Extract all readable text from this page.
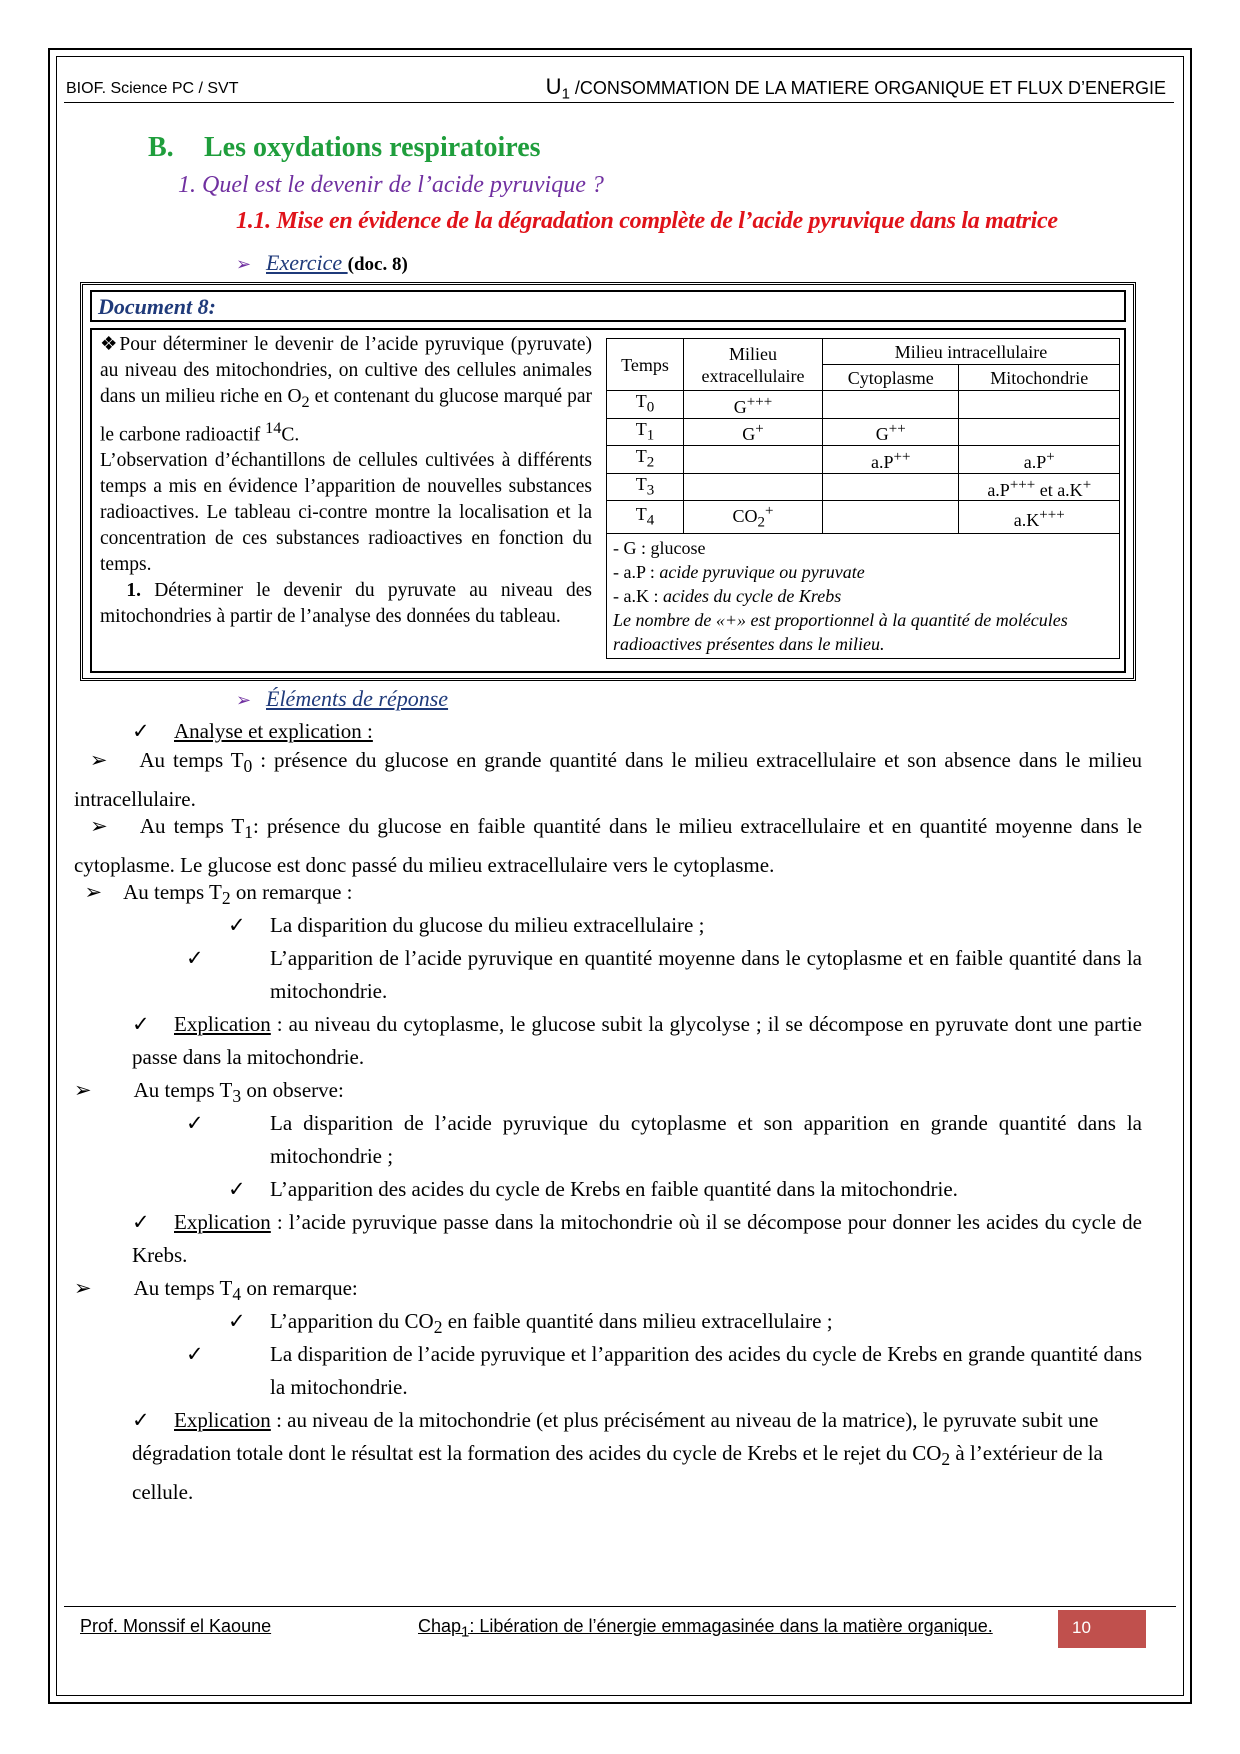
BIOF. Science PC / SVT	$U_1$ /CONSOMMATION DE LA MATIERE ORGANIQUE ET FLUX D’ENERGIE
B. Les oxydations respiratoires
1. Quel est le devenir de l’acide pyruvique ?
1.1. Mise en évidence de la dégradation complète de l’acide pyruvique dans la matrice
➢ Exercice (doc. 8)
Document 8:

❖Pour déterminer le devenir de l’acide pyruvique (pyruvate) au niveau des mitochondries, on cultive des cellules animales dans un milieu riche en $O_2$ et contenant du glucose marqué par le carbone radioactif $^{14}$C.

L’observation d’échantillons de cellules cultivées à différents temps a mis en évidence l’apparition de nouvelles substances radioactives. Le tableau ci-contre montre la localisation et la concentration de ces substances radioactives en fonction du temps.

1. Déterminer le devenir du pyruvate au niveau des mitochondries à partir de l’analyse des données du tableau.

Temps	Milieu extracellulaire	Milieu intracellulaire	
		Cytoplasme	Mitochondrie
$T_0$	G+++		
$T_1$	G+	G++	
$T_2$		a.P++	a.P+
$T_3$			a.P+++ et a.K+
$T_4$	$CO_2^+$		a.K+++

- G : glucose
- a.P : acide pyruvique ou pyruvate
- a.K : acides du cycle de Krebs
Le nombre de «+» est proportionnel à la quantité de molécules radioactives présentes dans le milieu.			
➢ Éléments de réponse
✓ Analyse et explication :
➢ Au temps $T_0$ : présence du glucose en grande quantité dans le milieu extracellulaire et son absence dans le milieu intracellulaire.
➢ Au temps $T_1$: présence du glucose en faible quantité dans le milieu extracellulaire et en quantité moyenne dans le cytoplasme. Le glucose est donc passé du milieu extracellulaire vers le cytoplasme.
➢ Au temps $T_2$ on remarque :
✓ La disparition du glucose du milieu extracellulaire ;
✓	L’apparition de l’acide pyruvique en quantité moyenne dans le cytoplasme et en faible quantité dans la mitochondrie.
✓ Explication : au niveau du cytoplasme, le glucose subit la glycolyse ; il se décompose en pyruvate dont une partie passe dans la mitochondrie.
➢ Au temps $T_3$ on observe:
✓	La disparition de l’acide pyruvique du cytoplasme et son apparition en grande quantité dans la mitochondrie ;
✓ L’apparition des acides du cycle de Krebs en faible quantité dans la mitochondrie.
✓ Explication : l’acide pyruvique passe dans la mitochondrie où il se décompose pour donner les acides du cycle de Krebs.
➢ Au temps $T_4$ on remarque:
✓ L’apparition du $CO_2$ en faible quantité dans milieu extracellulaire ;
✓	La disparition de l’acide pyruvique et l’apparition des acides du cycle de Krebs en grande quantité dans la mitochondrie.
✓ Explication : au niveau de la mitochondrie (et plus précisément au niveau de la matrice), le pyruvate subit une dégradation totale dont le résultat est la formation des acides du cycle de Krebs et le rejet du $CO_2$ à l’extérieur de la cellule.
Prof. Monssif el Kaoune	Chap$_1$: Libération de l’énergie emmagasinée dans la matière organique.	10
